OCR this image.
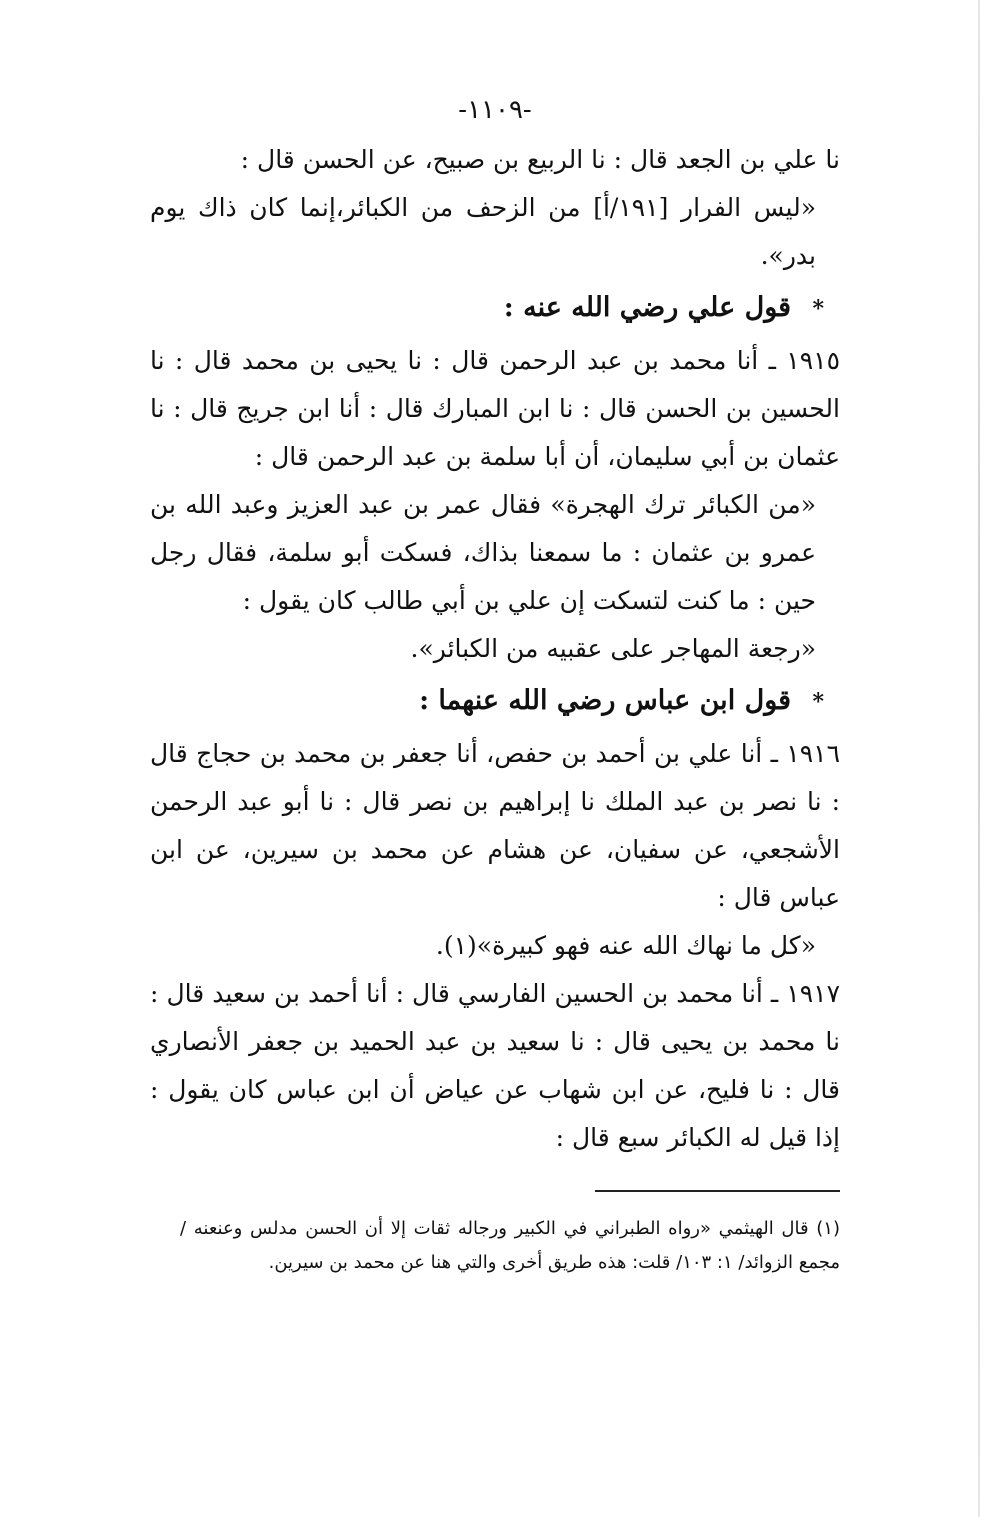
-١١٠٩-

نا علي بن الجعد قال : نا الربيع بن صبيح، عن الحسن قال :

«ليس الفرار [١٩١/أ] من الزحف من الكبائر،إنما كان ذاك يوم بدر».

* قول علي رضي الله عنه :

١٩١٥ ـ أنا محمد بن عبد الرحمن قال : نا يحيى بن محمد قال : نا الحسين بن الحسن قال : نا ابن المبارك قال : أنا ابن جريج قال : نا عثمان بن أبي سليمان، أن أبا سلمة بن عبد الرحمن قال :

«من الكبائر ترك الهجرة» فقال عمر بن عبد العزيز وعبد الله بن عمرو بن عثمان : ما سمعنا بذاك، فسكت أبو سلمة، فقال رجل حين : ما كنت لتسكت إن علي بن أبي طالب كان يقول :

«رجعة المهاجر على عقبيه من الكبائر».

* قول ابن عباس رضي الله عنهما :

١٩١٦ ـ أنا علي بن أحمد بن حفص، أنا جعفر بن محمد بن حجاج قال : نا نصر بن عبد الملك نا إبراهيم بن نصر قال : نا أبو عبد الرحمن الأشجعي، عن سفيان، عن هشام عن محمد بن سيرين، عن ابن عباس قال :

«كل ما نهاك الله عنه فهو كبيرة»(١).

١٩١٧ ـ أنا محمد بن الحسين الفارسي قال : أنا أحمد بن سعيد قال : نا محمد بن يحيى قال : نا سعيد بن عبد الحميد بن جعفر الأنصاري قال : نا فليح، عن ابن شهاب عن عياض أن ابن عباس كان يقول : إذا قيل له الكبائر سبع قال :

(١) قال الهيثمي «رواه الطبراني في الكبير ورجاله ثقات إلا أن الحسن مدلس وعنعنه / مجمع الزوائد/ ١: ١٠٣/ قلت: هذه طريق أخرى والتي هنا عن محمد بن سيرين.
